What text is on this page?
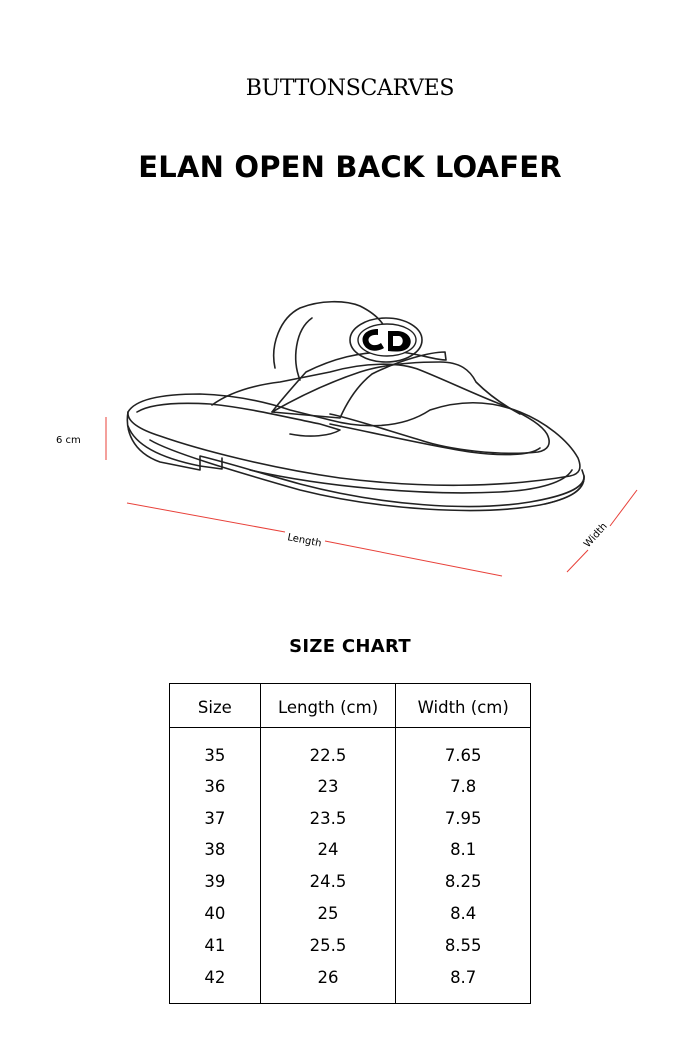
BUTTONSCARVES
ELAN OPEN BACK LOAFER
6 cm
Length	Width
SIZE CHART
Size	Length (cm)	Width (cm)
35	22.5	7.65
36	23	7.8
37	23.5	7.95
38	24	8.1
39	24.5	8.25
40	25	8.4
41	25.5	8.55
42	26	8.7
